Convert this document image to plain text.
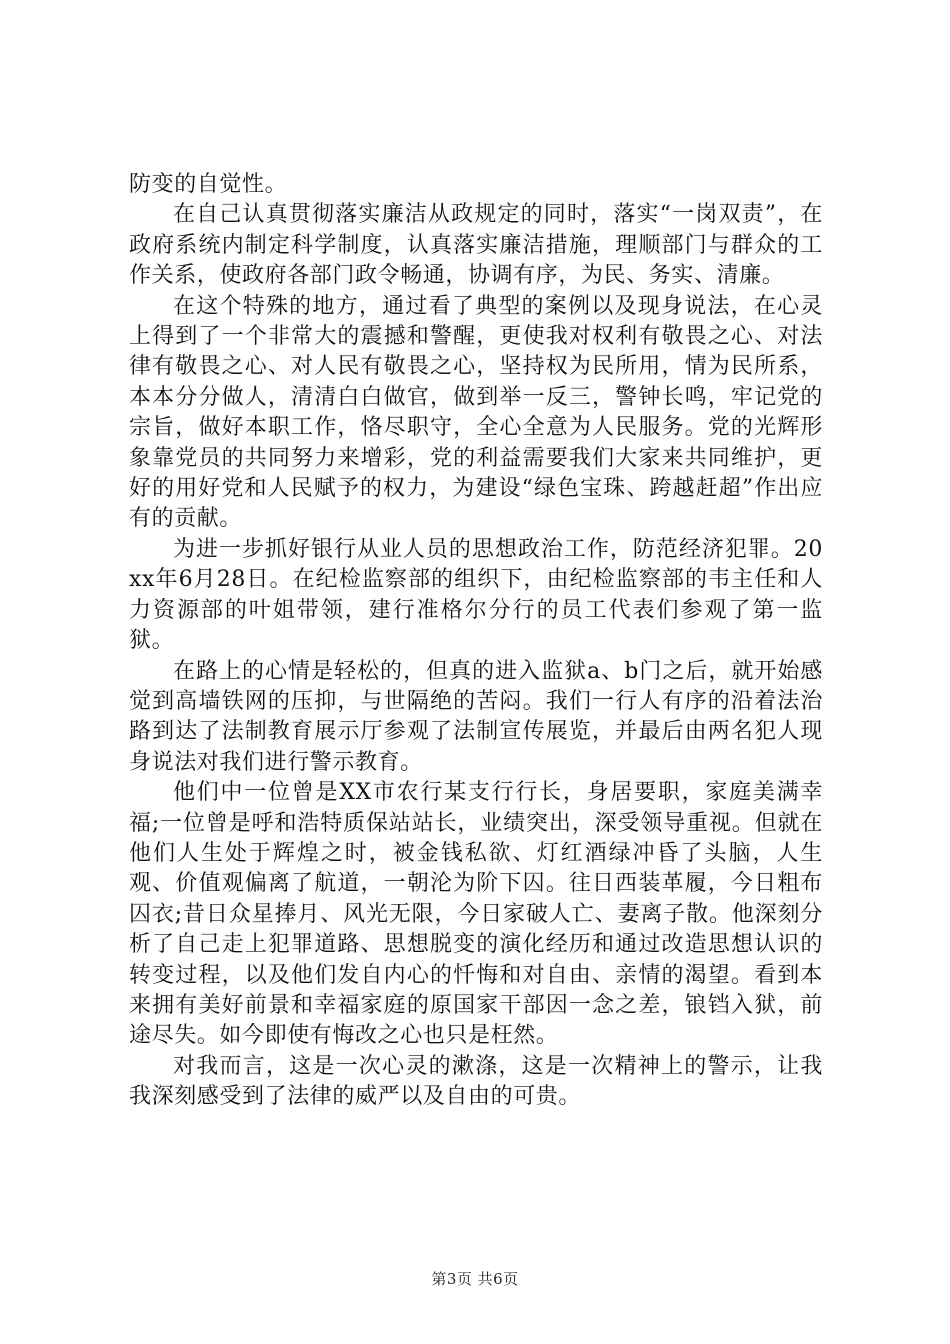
防变的自觉性。

在自己认真贯彻落实廉洁从政规定的同时，落实“一岗双责”，在政府系统内制定科学制度，认真落实廉洁措施，理顺部门与群众的工作关系，使政府各部门政令畅通，协调有序，为民、务实、清廉。

在这个特殊的地方，通过看了典型的案例以及现身说法，在心灵上得到了一个非常大的震撼和警醒，更使我对权利有敬畏之心、对法律有敬畏之心、对人民有敬畏之心，坚持权为民所用，情为民所系，本本分分做人，清清白白做官，做到举一反三，警钟长鸣，牢记党的宗旨，做好本职工作，恪尽职守，全心全意为人民服务。党的光辉形象靠党员的共同努力来增彩，党的利益需要我们大家来共同维护，更好的用好党和人民赋予的权力，为建设“绿色宝珠、跨越赶超”作出应有的贡献。

为进一步抓好银行从业人员的思想政治工作，防范经济犯罪。20xx年6月28日。在纪检监察部的组织下，由纪检监察部的韦主任和人力资源部的叶姐带领，建行准格尔分行的员工代表们参观了第一监狱。

在路上的心情是轻松的，但真的进入监狱a、b门之后，就开始感觉到高墙铁网的压抑，与世隔绝的苦闷。我们一行人有序的沿着法治路到达了法制教育展示厅参观了法制宣传展览，并最后由两名犯人现身说法对我们进行警示教育。

他们中一位曾是XX市农行某支行行长，身居要职，家庭美满幸福;一位曾是呼和浩特质保站站长，业绩突出，深受领导重视。但就在他们人生处于辉煌之时，被金钱私欲、灯红酒绿冲昏了头脑，人生观、价值观偏离了航道，一朝沦为阶下囚。往日西装革履，今日粗布囚衣;昔日众星捧月、风光无限，今日家破人亡、妻离子散。他深刻分析了自己走上犯罪道路、思想脱变的演化经历和通过改造思想认识的转变过程，以及他们发自内心的忏悔和对自由、亲情的渴望。看到本来拥有美好前景和幸福家庭的原国家干部因一念之差，锒铛入狱，前途尽失。如今即使有悔改之心也只是枉然。

对我而言，这是一次心灵的漱涤，这是一次精神上的警示，让我我深刻感受到了法律的威严以及自由的可贵。

第3页 共6页
